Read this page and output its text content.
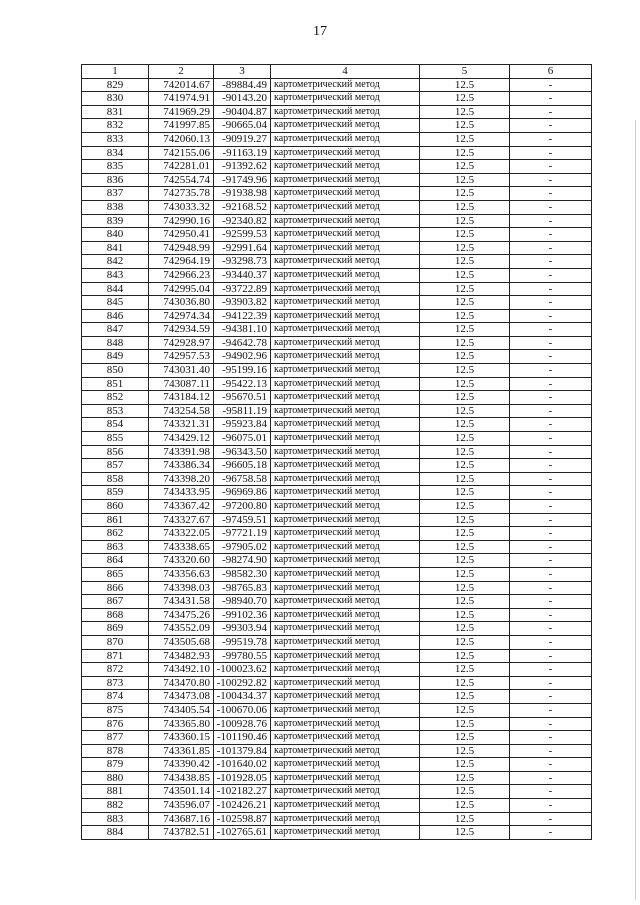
17
1	2	3	4	5	6
829	742014.67	-89884.49	картометрический метод	12.5	-
830	741974.91	-90143.20	картометрический метод	12.5	-
831	741969.29	-90404.87	картометрический метод	12.5	-
832	741997.85	-90665.04	картометрический метод	12.5	-
833	742060.13	-90919.27	картометрический метод	12.5	-
834	742155.06	-91163.19	картометрический метод	12.5	-
835	742281.01	-91392.62	картометрический метод	12.5	-
836	742554.74	-91749.96	картометрический метод	12.5	-
837	742735.78	-91938.98	картометрический метод	12.5	-
838	743033.32	-92168.52	картометрический метод	12.5	-
839	742990.16	-92340.82	картометрический метод	12.5	-
840	742950.41	-92599.53	картометрический метод	12.5	-
841	742948.99	-92991.64	картометрический метод	12.5	-
842	742964.19	-93298.73	картометрический метод	12.5	-
843	742966.23	-93440.37	картометрический метод	12.5	-
844	742995.04	-93722.89	картометрический метод	12.5	-
845	743036.80	-93903.82	картометрический метод	12.5	-
846	742974.34	-94122.39	картометрический метод	12.5	-
847	742934.59	-94381.10	картометрический метод	12.5	-
848	742928.97	-94642.78	картометрический метод	12.5	-
849	742957.53	-94902.96	картометрический метод	12.5	-
850	743031.40	-95199.16	картометрический метод	12.5	-
851	743087.11	-95422.13	картометрический метод	12.5	-
852	743184.12	-95670.51	картометрический метод	12.5	-
853	743254.58	-95811.19	картометрический метод	12.5	-
854	743321.31	-95923.84	картометрический метод	12.5	-
855	743429.12	-96075.01	картометрический метод	12.5	-
856	743391.98	-96343.50	картометрический метод	12.5	-
857	743386.34	-96605.18	картометрический метод	12.5	-
858	743398.20	-96758.58	картометрический метод	12.5	-
859	743433.95	-96969.86	картометрический метод	12.5	-
860	743367.42	-97200.80	картометрический метод	12.5	-
861	743327.67	-97459.51	картометрический метод	12.5	-
862	743322.05	-97721.19	картометрический метод	12.5	-
863	743338.65	-97905.02	картометрический метод	12.5	-
864	743320.60	-98274.90	картометрический метод	12.5	-
865	743356.63	-98582.30	картометрический метод	12.5	-
866	743398.03	-98765.83	картометрический метод	12.5	-
867	743431.58	-98940.70	картометрический метод	12.5	-
868	743475.26	-99102.36	картометрический метод	12.5	-
869	743552.09	-99303.94	картометрический метод	12.5	-
870	743505.68	-99519.78	картометрический метод	12.5	-
871	743482.93	-99780.55	картометрический метод	12.5	-
872	743492.10	-100023.62	картометрический метод	12.5	-
873	743470.80	-100292.82	картометрический метод	12.5	-
874	743473.08	-100434.37	картометрический метод	12.5	-
875	743405.54	-100670.06	картометрический метод	12.5	-
876	743365.80	-100928.76	картометрический метод	12.5	-
877	743360.15	-101190.46	картометрический метод	12.5	-
878	743361.85	-101379.84	картометрический метод	12.5	-
879	743390.42	-101640.02	картометрический метод	12.5	-
880	743438.85	-101928.05	картометрический метод	12.5	-
881	743501.14	-102182.27	картометрический метод	12.5	-
882	743596.07	-102426.21	картометрический метод	12.5	-
883	743687.16	-102598.87	картометрический метод	12.5	-
884	743782.51	-102765.61	картометрический метод	12.5	-
